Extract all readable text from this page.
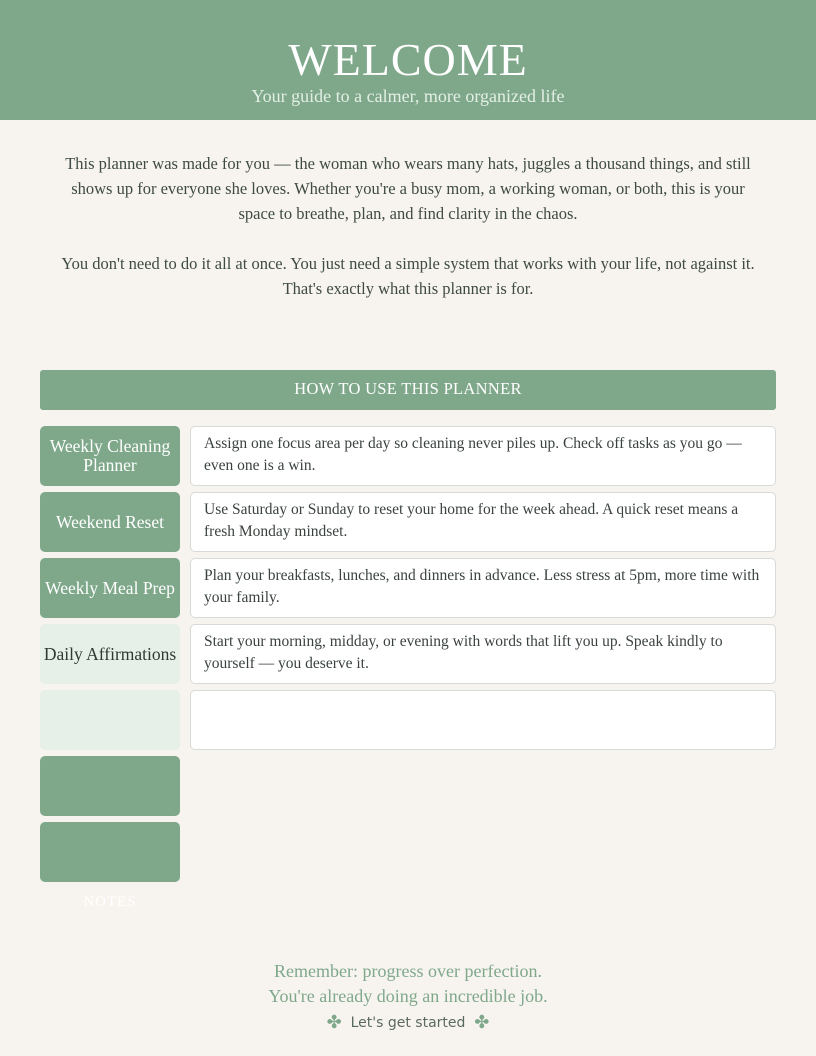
WELCOME
Your guide to a calmer, more organized life
This planner was made for you — the woman who wears many hats, juggles a thousand things, and still shows up for everyone she loves. Whether you're a busy mom, a working woman, or both, this is your space to breathe, plan, and find clarity in the chaos.
You don't need to do it all at once. You just need a simple system that works with your life, not against it. That's exactly what this planner is for.
HOW TO USE THIS PLANNER
Weekly Cleaning Planner
Assign one focus area per day so cleaning never piles up. Check off tasks as you go — even one is a win.
Weekend Reset
Use Saturday or Sunday to reset your home for the week ahead. A quick reset means a fresh Monday mindset.
Weekly Meal Prep
Plan your breakfasts, lunches, and dinners in advance. Less stress at 5pm, more time with your family.
Daily Affirmations
Start your morning, midday, or evening with words that lift you up. Speak kindly to yourself — you deserve it.
NOTES
Remember: progress over perfection.
You're already doing an incredible job.
✤ Let's get started ✤
